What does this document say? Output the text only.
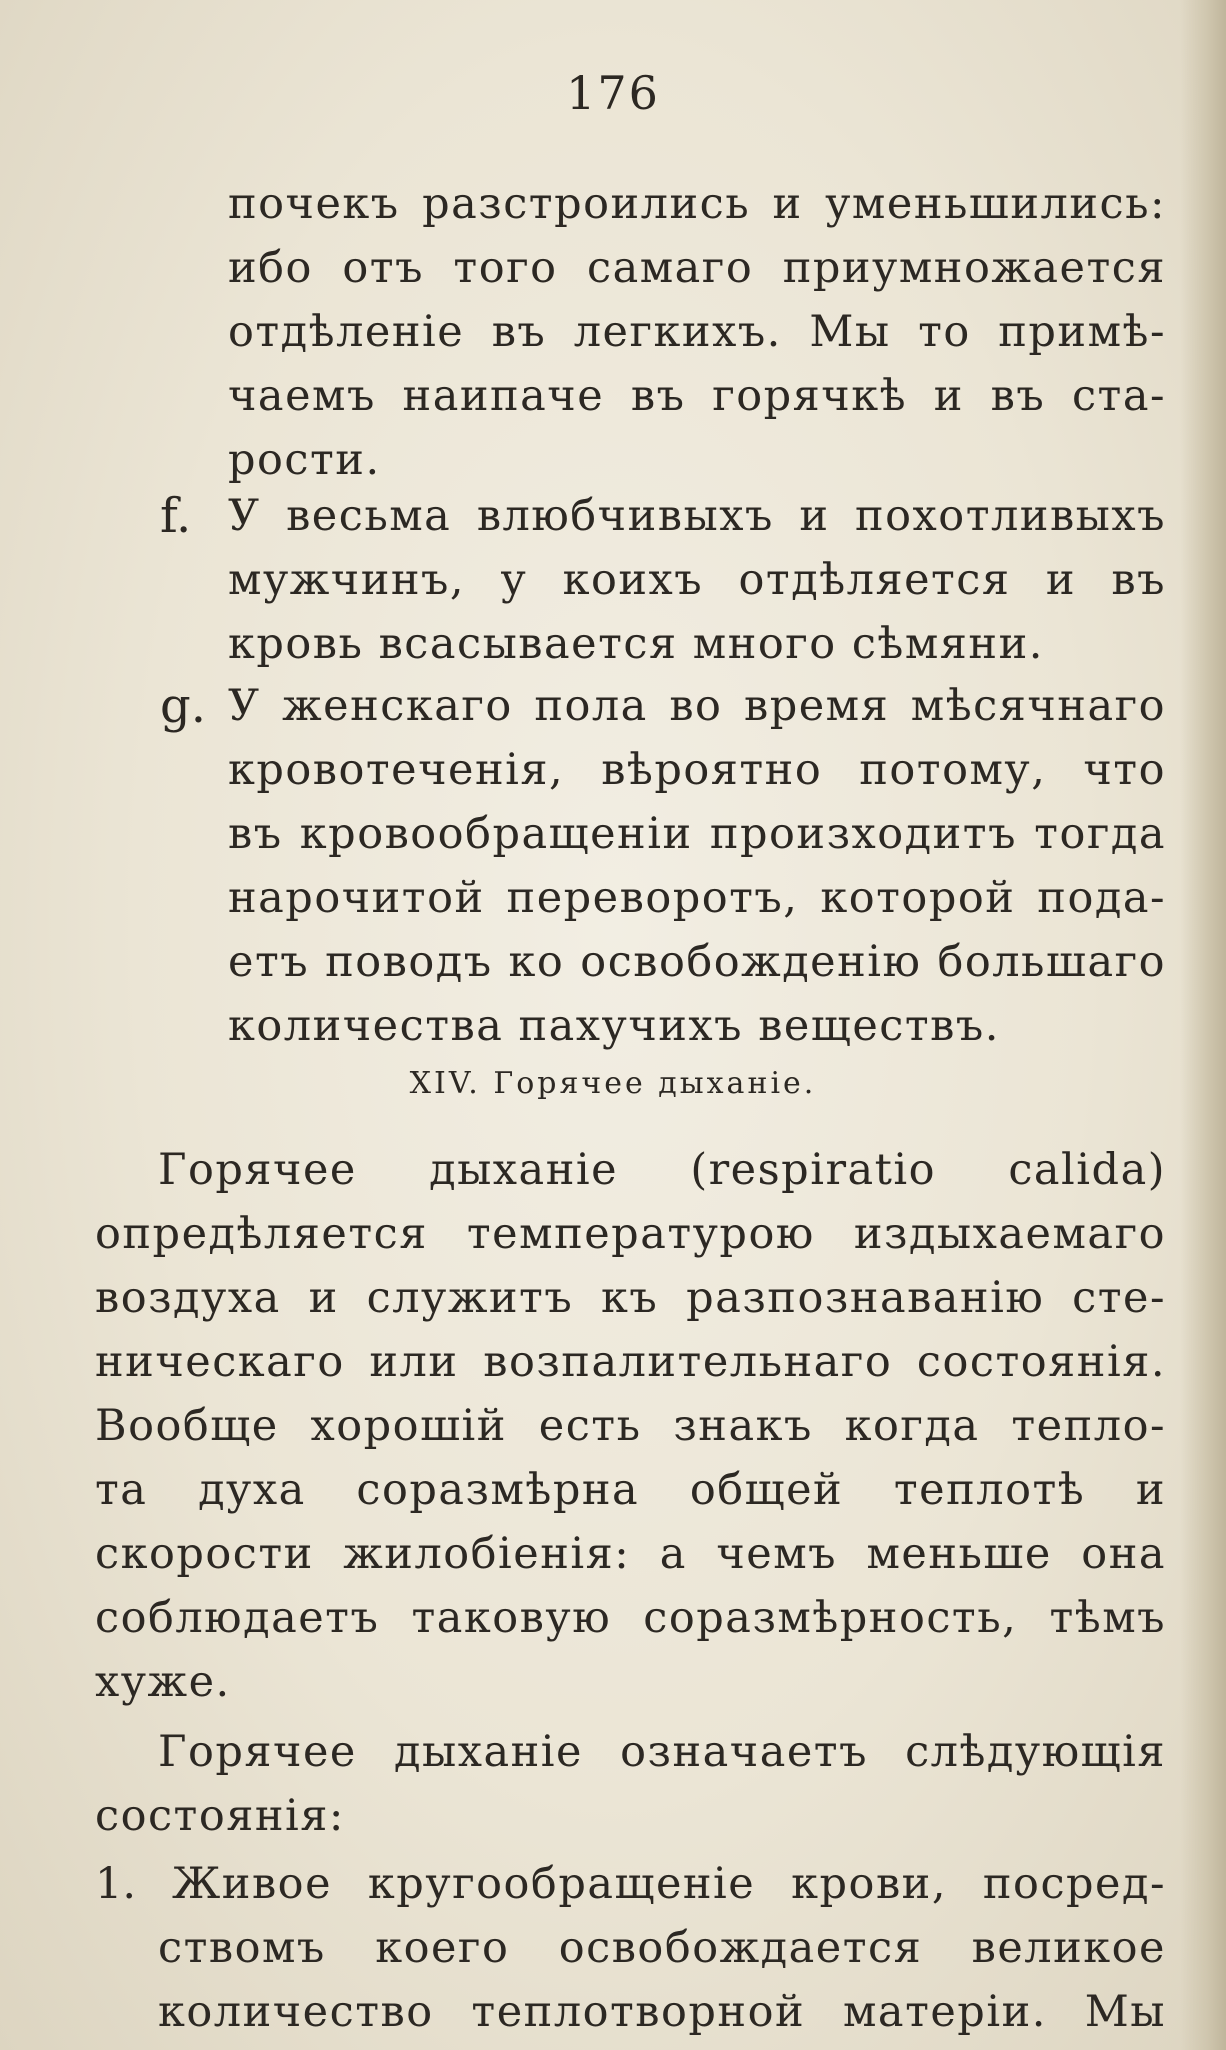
176
почекъ разстроились и уменьшились:
ибо отъ того самаго приумножается
отдѣленіе въ легкихъ. Мы то примѣ-
чаемъ наипаче въ горячкѣ и въ ста-
рости.
f. У весьма влюбчивыхъ и похотливыхъ
мужчинъ, у коихъ отдѣляется и въ
кровь всасывается много сѣмяни.
g. У женскаго пола во время мѣсячнаго
кровотеченія, вѣроятно потому, что
въ кровообращеніи произходитъ тогда
нарочитой переворотъ, которой пода-
етъ поводъ ко освобожденію большаго
количества пахучихъ веществъ.
XIV. Горячее дыханіе.
Горячее дыханіе (respiratio calida)
опредѣляется температурою издыхаемаго
воздуха и служитъ къ разпознаванію сте-
ническаго или возпалительнаго состоянія.
Вообще хорошій есть знакъ когда тепло-
та духа соразмѣрна общей теплотѣ и
скорости жилобіенія: а чемъ меньше она
соблюдаетъ таковую соразмѣрность, тѣмъ
хуже.
Горячее дыханіе означаетъ слѣдующія
состоянія:
1. Живое кругообращеніе крови, посред-
ствомъ коего освобождается великое
количество теплотворной матеріи. Мы
